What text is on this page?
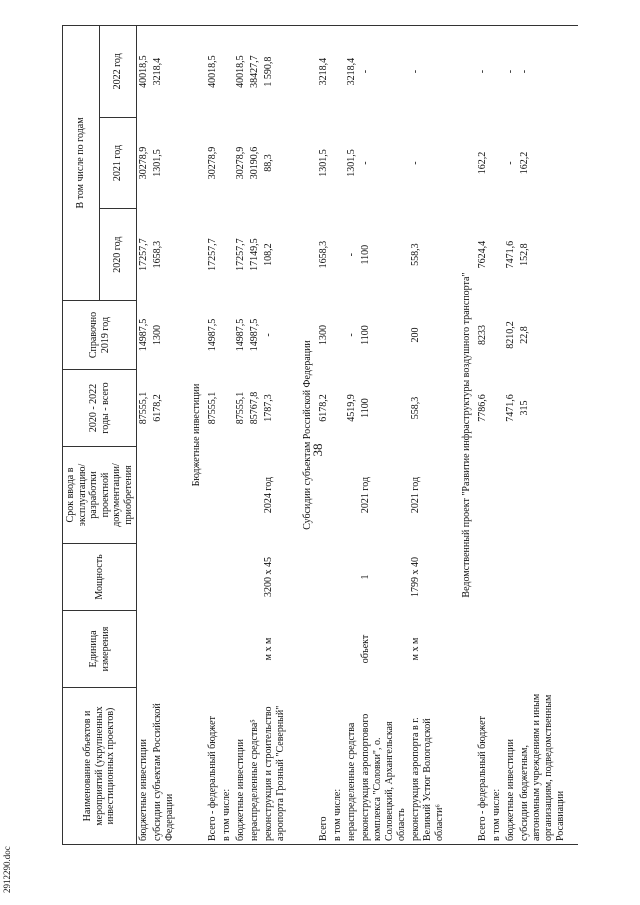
38
Наименование объектов и мероприятий (укрупненных инвестиционных проектов)	Единица измерения	Мощность	Срок ввода в эксплуатацию/ разработки проектной документации/ приобретения	2020 - 2022 годы - всего	Справочно 2019 год	В том числе по годам		
						2020 год	2021 год	2022 год
бюджетные инвестиции				87555,1	14987,5	17257,7	30278,9	40018,5
субсидии субъектам Российской Федерации				6178,2	1300	1658,3	1301,5	3218,4

Бюджетные инвестиции								
Всего - федеральный бюджет				87555,1	14987,5	17257,7	30278,9	40018,5
в том числе:								
бюджетные инвестиции				87555,1	14987,5	17257,7	30278,9	40018,5
нераспределенные средства⁵				85767,8	14987,5	17149,5	30190,6	38427,7
реконструкция и строительство аэропорта Грозный "Северный"	м х м	3200 х 45	2024 год	1787,3	-	108,2	88,3	1 590,8

Субсидии субъектам Российской Федерации								
Всего				6178,2	1300	1658,3	1301,5	3218,4
в том числе:								
нераспределенные средства				4519,9	-	-	1301,5	3218,4
реконструкция аэропортового комплекса "Соловки", о. Соловецкий, Архангельская область	объект	1	2021 год	1100	1100	1100	-	-
реконструкция аэропорта в г. Великий Устюг Вологодской области⁶	м х м	1799 х 40	2021 год	558,3	200	558,3	-	-

Ведомственный проект "Развитие инфраструктуры воздушного транспорта"								
Всего - федеральный бюджет				7786,6	8233	7624,4	162,2	-
в том числе:								
бюджетные инвестиции				7471,6	8210,2	7471,6	-	-
субсидии бюджетным, автономным учреждениям и иным организациям, подведомственным Росавиации				315	22,8	152,8	162,2	-

2912290.doc
